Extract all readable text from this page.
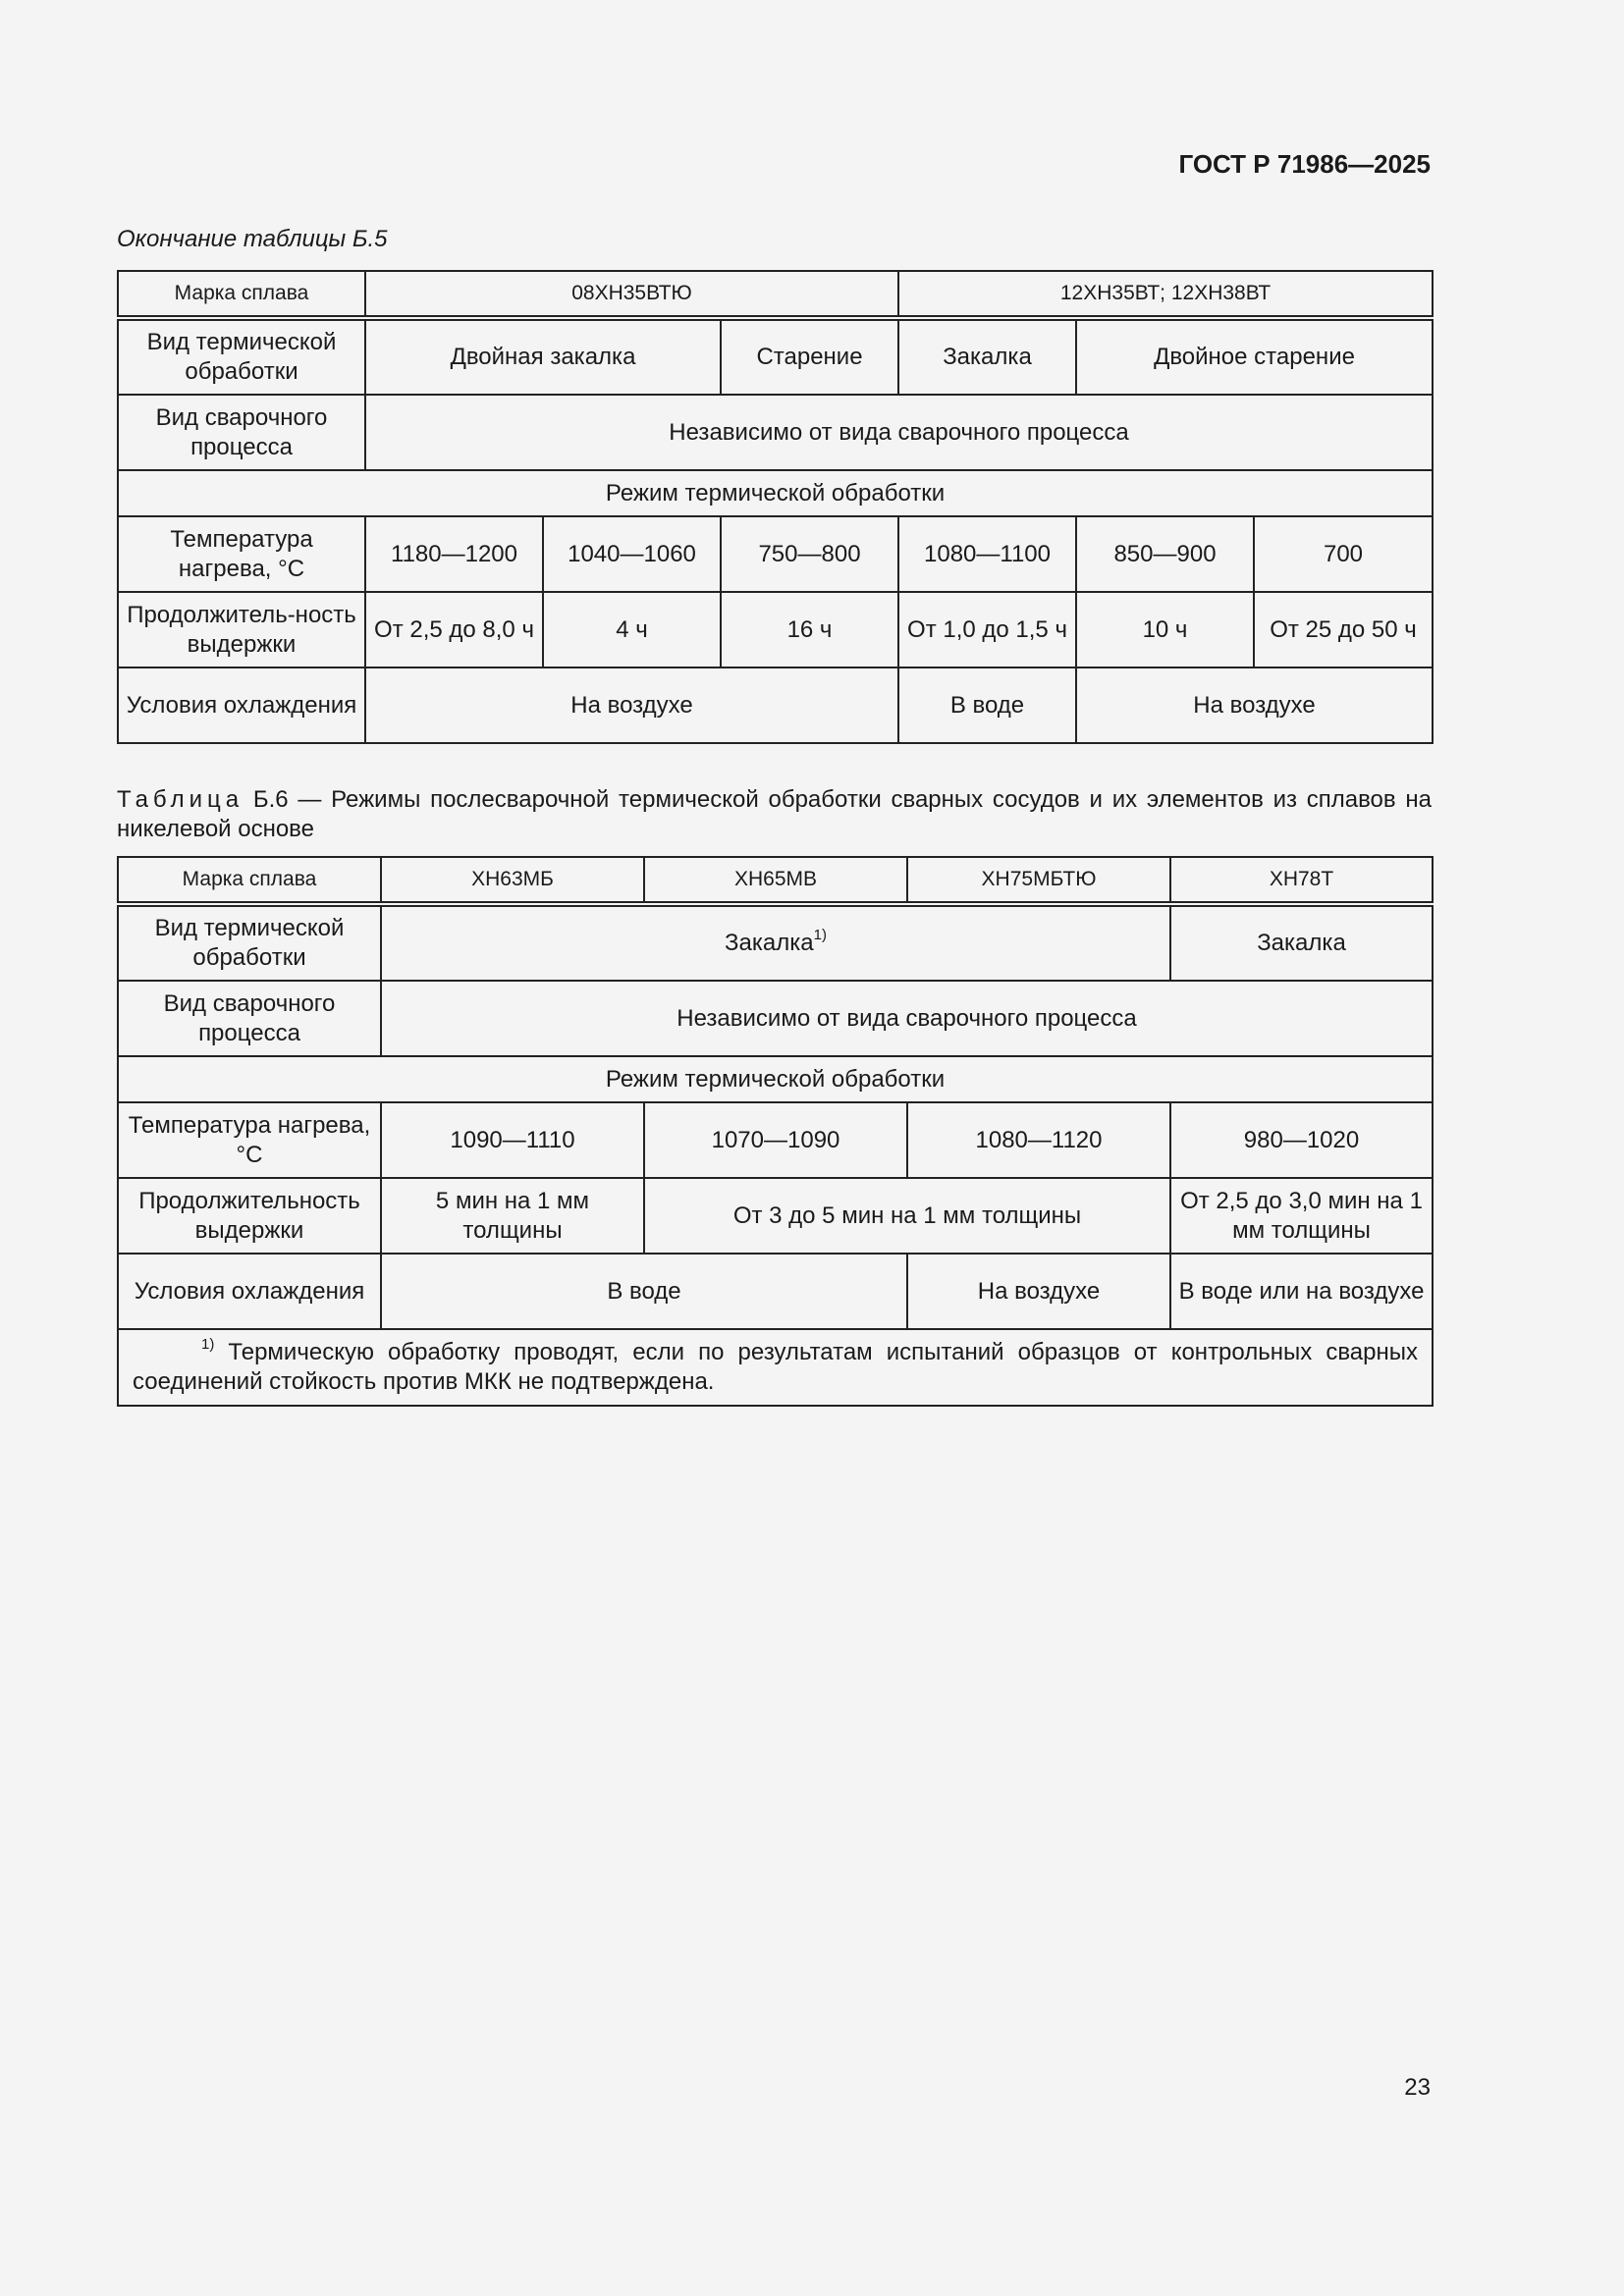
ГОСТ Р 71986—2025
Окончание таблицы Б.5
Марка сплава	08ХН35ВТЮ			12ХН35ВТ; 12ХН38ВТ		
Вид термической обработки	Двойная закалка		Старение	Закалка	Двойное старение	
Вид сварочного процесса	Независимо от вида сварочного процесса					
Режим термической обработки						
Температура нагрева, °C	1180—1200	1040—1060	750—800	1080—1100	850—900	700
Продолжитель-ность выдержки	От 2,5 до 8,0 ч	4 ч	16 ч	От 1,0 до 1,5 ч	10 ч	От 25 до 50 ч
Условия охлаждения	На воздухе			В воде	На воздухе	
Таблица Б.6 — Режимы послесварочной термической обработки сварных сосудов и их элементов из сплавов на никелевой основе
Марка сплава	ХН63МБ	ХН65МВ	ХН75МБТЮ	ХН78Т
Вид термической обработки	Закалка$^{1)}$			Закалка
Вид сварочного процесса	Независимо от вида сварочного процесса			
Режим термической обработки				
Температура нагрева, °C	1090—1110	1070—1090	1080—1120	980—1020
Продолжительность выдержки	5 мин на 1 мм толщины	От 3 до 5 мин на 1 мм толщины		От 2,5 до 3,0 мин на 1 мм толщины
Условия охлаждения	В воде		На воздухе	В воде или на воздухе
$^{1)}$ Термическую обработку проводят, если по результатам испытаний образцов от контрольных сварных соединений стойкость против МКК не подтверждена.				
23
